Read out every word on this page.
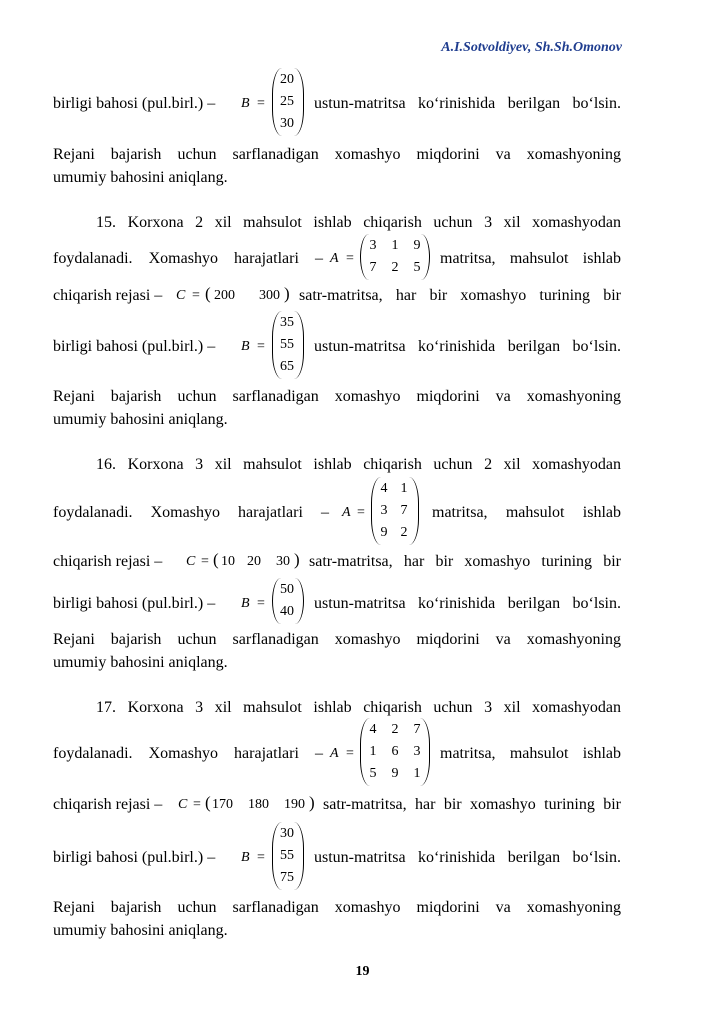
A.I.Sotvoldiyev, Sh.Sh.Omonov
birligi bahosi (pul.birl.) –	B =
20
25
30
ustun-matritsa ko‘rinishida berilgan bo‘lsin.
Rejani bajarish uchun sarflanadigan xomashyo miqdorini va xomashyoning
umumiy bahosini aniqlang.
15. Korxona 2 xil mahsulot ishlab chiqarish uchun 3 xil xomashyodan
foydalanadi. Xomashyo harajatlari – A =
3	1	9
7	2	5
matritsa, mahsulot ishlab
chiqarish rejasi – C = ( 200 300 ) satr-matritsa, har bir xomashyo turining bir
birligi bahosi (pul.birl.) –	B =
35
55
65
ustun-matritsa ko‘rinishida berilgan bo‘lsin.
Rejani bajarish uchun sarflanadigan xomashyo miqdorini va xomashyoning
umumiy bahosini aniqlang.
16. Korxona 3 xil mahsulot ishlab chiqarish uchun 2 xil xomashyodan
foydalanadi. Xomashyo harajatlari – A =
4 1
3 7
9 2
matritsa, mahsulot ishlab
chiqarish rejasi –	C = ( 10 20 30 ) satr-matritsa, har bir xomashyo turining bir
birligi bahosi (pul.birl.) –	B =
50
40 ustun-matritsa ko‘rinishida berilgan bo‘lsin.
Rejani bajarish uchun sarflanadigan xomashyo miqdorini va xomashyoning
umumiy bahosini aniqlang.
17. Korxona 3 xil mahsulot ishlab chiqarish uchun 3 xil xomashyodan
foydalanadi. Xomashyo harajatlari – A =
4	2	7
1	6	3
5	9	1
matritsa, mahsulot ishlab
chiqarish rejasi –	C = ( 170 180 190 ) satr-matritsa, har bir xomashyo turining bir
birligi bahosi (pul.birl.) –	B =
30
55
75
ustun-matritsa ko‘rinishida berilgan bo‘lsin.
Rejani bajarish uchun sarflanadigan xomashyo miqdorini va xomashyoning
umumiy bahosini aniqlang.
19
